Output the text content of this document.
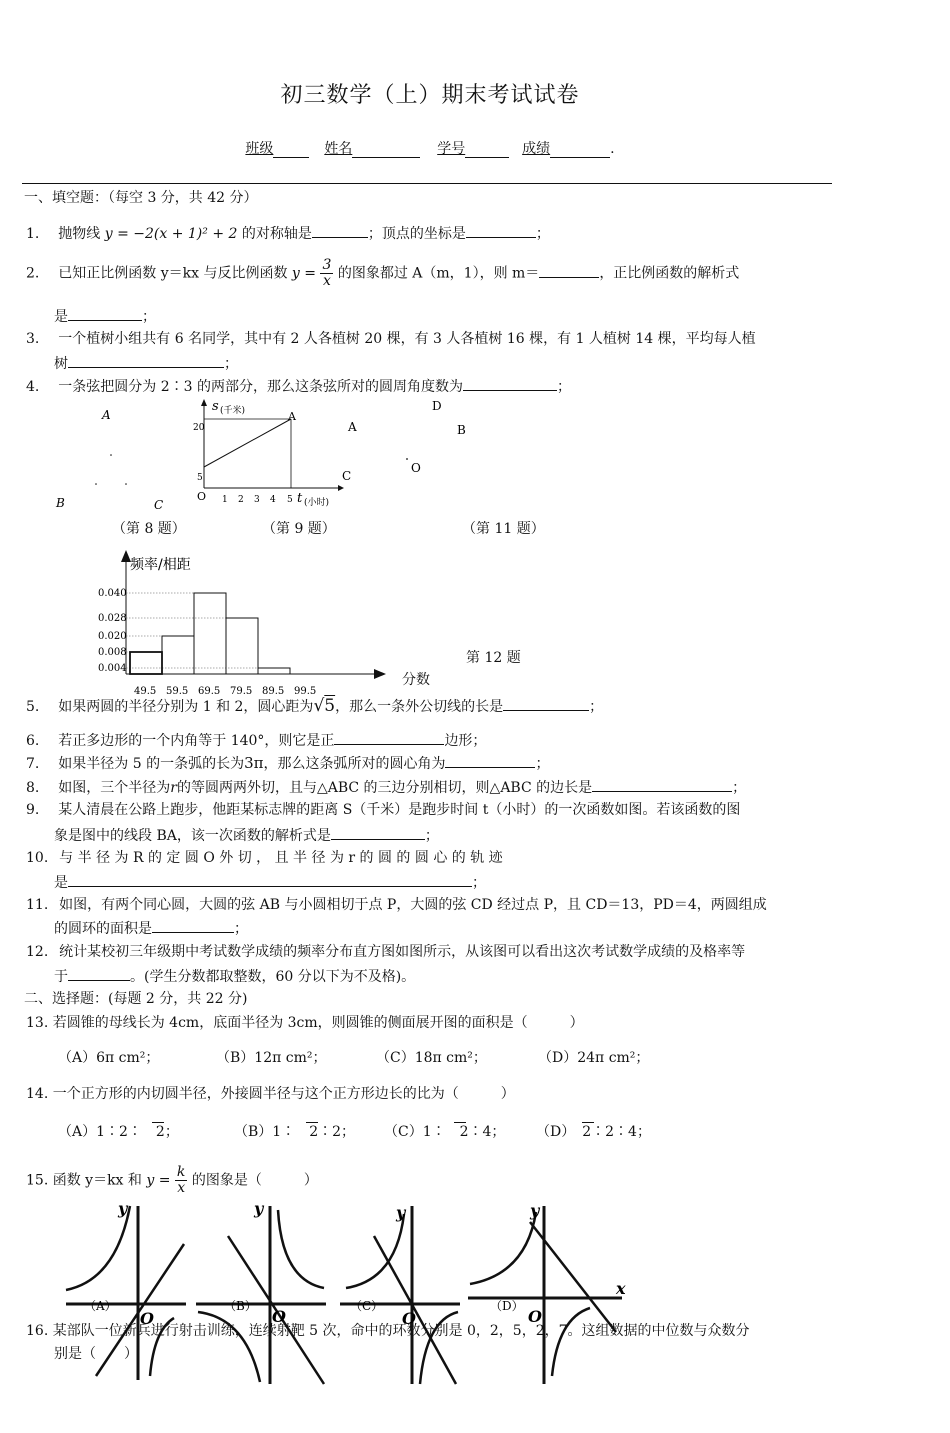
初三数学（上）期末考试试卷
班级	姓名	学号	成绩	.
一、填空题：（每空 3 分，共 42 分）
1. 抛物线 y = −2(x + 1)² + 2 的对称轴是	；顶点的坐标是	；
2. 已知正比例函数 y＝kx 与反比例函数 $y = \frac{3}{x}$ 的图象都过 A（m，1），则 m＝	，正比例函数的解析式
是	；
3. 一个植树小组共有 6 名同学，其中有 2 人各植树 20 棵，有 3 人各植树 16 棵，有 1 人植树 14 棵，平均每人植
树	；
4. 一条弦把圆分为 2∶3 的两部分，那么这条弦所对的圆周角度数为	；
A
B	C
（第 8 题）
s (千米)	A
20
5
O 1 2 3 4 5 t (小时)
（第 9 题）
D
A	B
O
C
（第 11 题）
频率/相距
0.040
0.028
0.020
0.008
0.004
49.5 59.5 69.5 79.5 89.5 99.5
分数
第 12 题
5. 如果两圆的半径分别为 1 和 2，圆心距为√5，那么一条外公切线的长是	；
6. 若正多边形的一个内角等于 140°，则它是正	边形；
7. 如果半径为 5 的一条弧的长为3π，那么这条弧所对的圆心角为	；
8. 如图，三个半径为r的等圆两两外切，且与△ABC 的三边分别相切，则△ABC 的边长是	；
9. 某人清晨在公路上跑步，他距某标志牌的距离 S（千米）是跑步时间 t（小时）的一次函数如图。若该函数的图
象是图中的线段 BA，该一次函数的解析式是	；
10. 与 半 径 为 R 的 定 圆 O 外 切 ， 且 半 径 为 r 的 圆 的 圆 心 的 轨 迹
是	；
11. 如图，有两个同心圆，大圆的弦 AB 与小圆相切于点 P，大圆的弦 CD 经过点 P，且 CD＝13，PD＝4，两圆组成
的圆环的面积是	；
12. 统计某校初三年级期中考试数学成绩的频率分布直方图如图所示，从该图可以看出这次考试数学成绩的及格率等
于	。(学生分数都取整数，60 分以下为不及格)。
二、选择题：(每题 2 分，共 22 分)
13. 若圆锥的母线长为 4cm，底面半径为 3cm，则圆锥的侧面展开图的面积是（　　　）
（A）6π cm²；	（B）12π cm²；	（C）18π cm²；	（D）24π cm²；
14. 一个正方形的内切圆半径，外接圆半径与这个正方形边长的比为（　　　）
（A）1∶2∶　2；	（B）1∶　2∶2； （C）1∶　2∶4； （D）　2∶2∶4；
15. 函数 y＝kx 和 $y = \frac{k}{x}$ 的图象是（　　　）
y
O
（A）
y
O
（B）
y
O
（C）
y
x
O
（D）
16. 某部队一位新兵进行射击训练，连续射靶 5 次，命中的环数分别是 0，2，5，2，7。这组数据的中位数与众数分
别是（　　）
